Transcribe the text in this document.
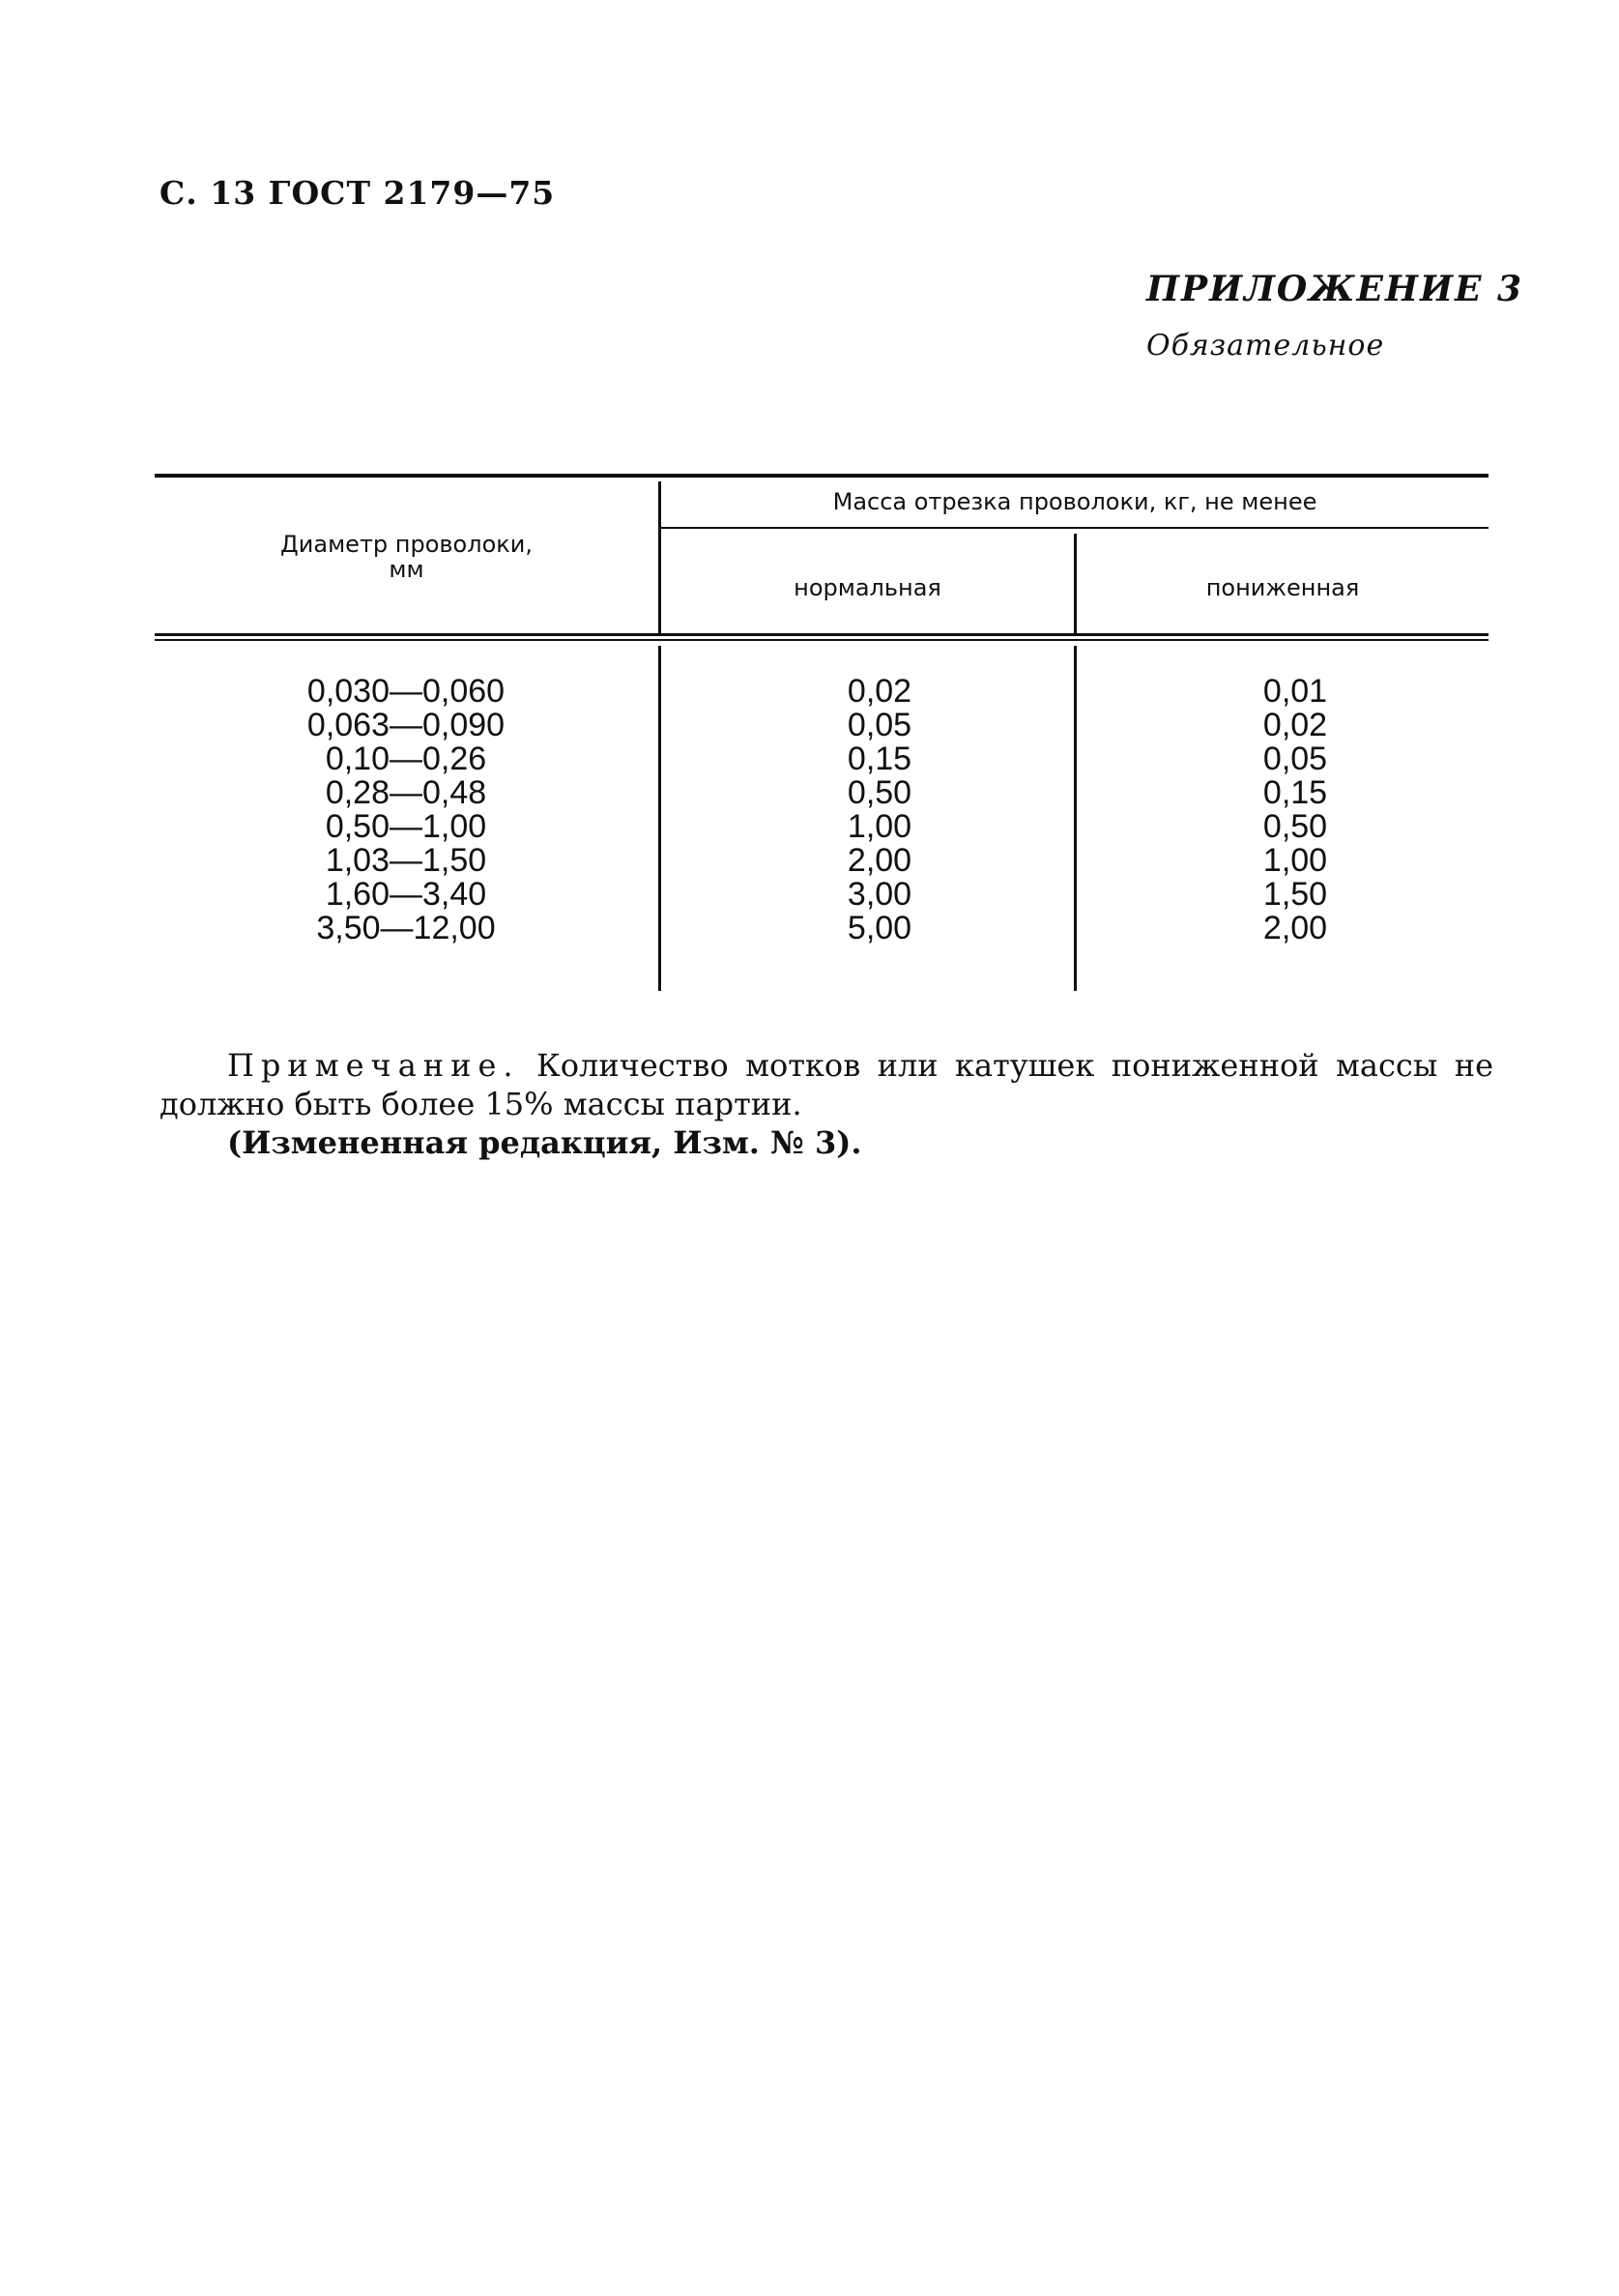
С. 13 ГОСТ 2179—75
ПРИЛОЖЕНИЕ 3
Обязательное
Диаметр проволоки,
мм
Масса отрезка проволоки, кг, не менее
нормальная	пониженная
0,030—0,060
0,063—0,090
0,10—0,26
0,28—0,48
0,50—1,00
1,03—1,50
1,60—3,40
3,50—12,00
0,02
0,05
0,15
0,50
1,00
2,00
3,00
5,00
0,01
0,02
0,05
0,15
0,50
1,00
1,50
2,00

Примечание. Количество мотков или катушек пониженной массы не должно быть более 15% массы партии.

(Измененная редакция, Изм. № 3).
